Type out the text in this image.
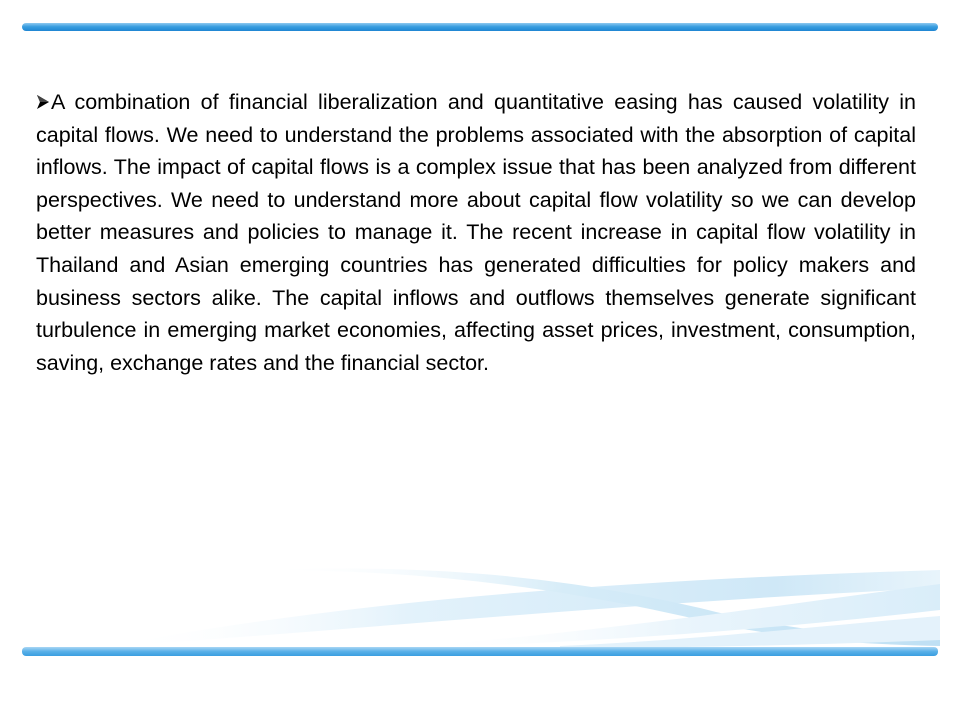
A combination of financial liberalization and quantitative easing has caused volatility in capital flows. We need to understand the problems associated with the absorption of capital inflows. The impact of capital flows is a complex issue that has been analyzed from different perspectives. We need to understand more about capital flow volatility so we can develop better measures and policies to manage it. The recent increase in capital flow volatility in Thailand and Asian emerging countries has generated difficulties for policy makers and business sectors alike. The capital inflows and outflows themselves generate significant turbulence in emerging market economies, affecting asset prices, investment, consumption, saving, exchange rates and the financial sector.
